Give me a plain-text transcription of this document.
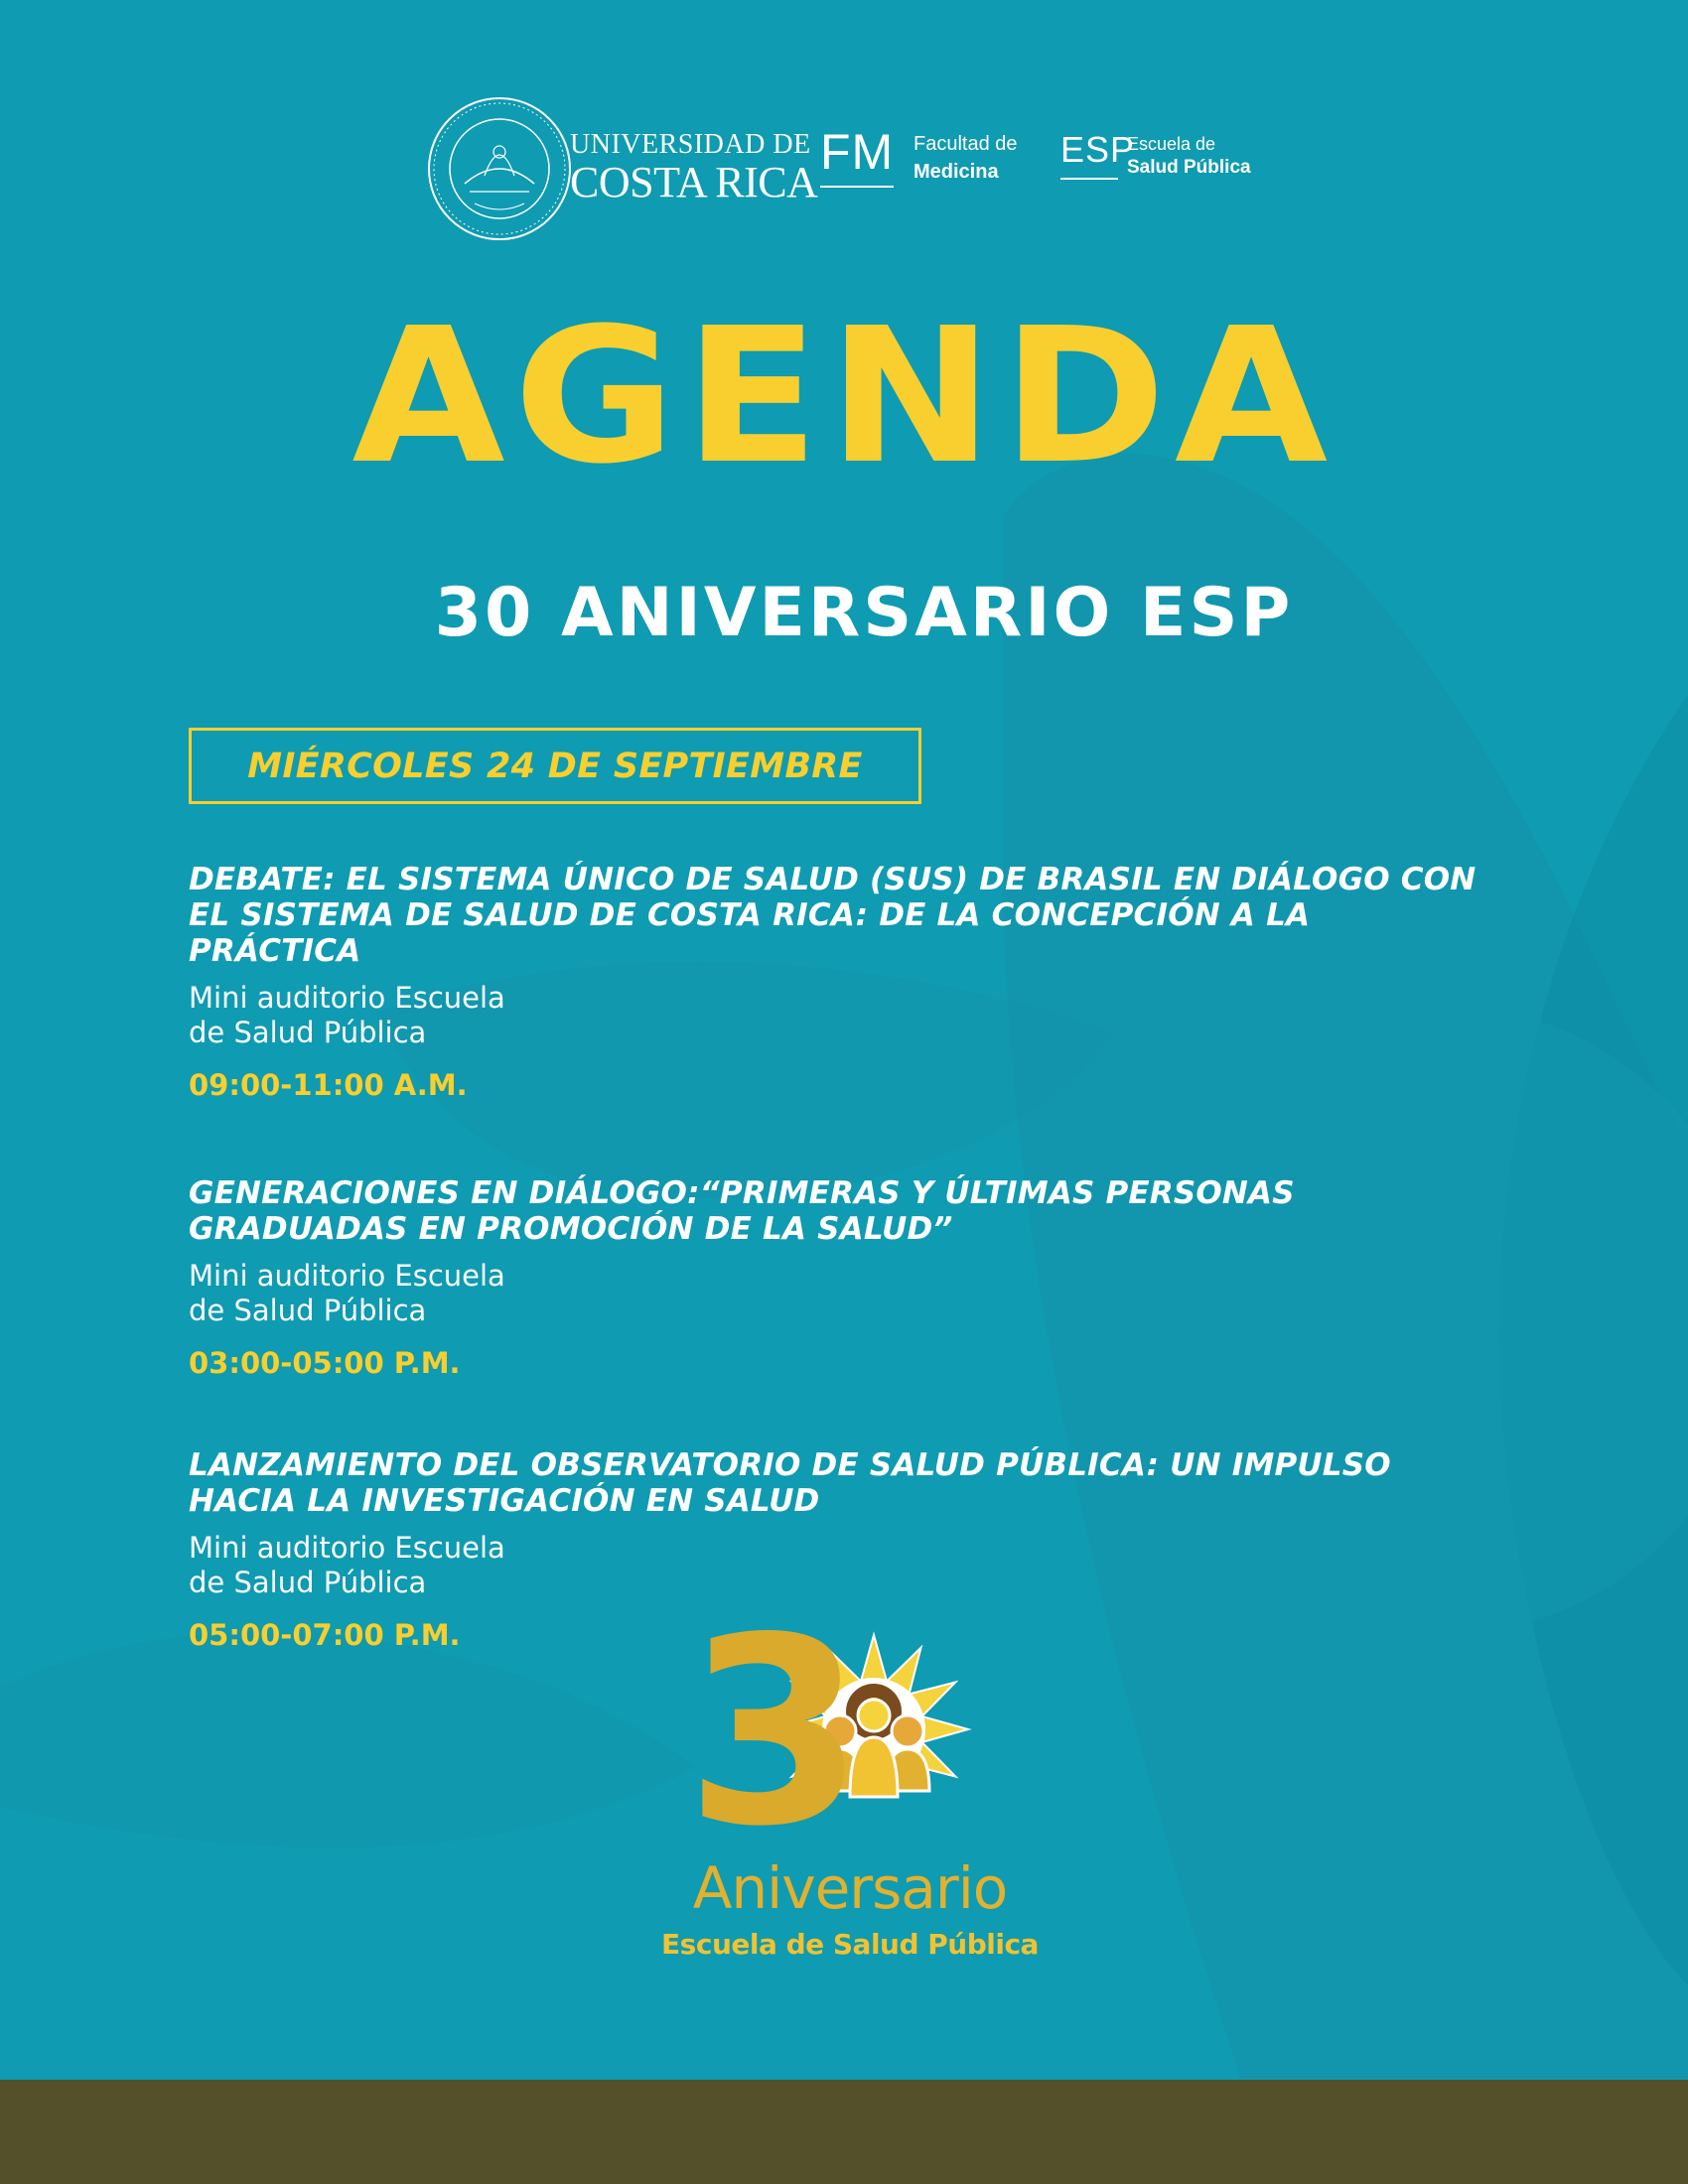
UNIVERSIDAD DE
COSTA RICA
FM Facultad de
Medicina
ESP
Escuela de
Salud Pública
AGENDA
30 ANIVERSARIO ESP
MIÉRCOLES 24 DE SEPTIEMBRE
DEBATE: EL SISTEMA ÚNICO DE SALUD (SUS) DE BRASIL EN DIÁLOGO CON
EL SISTEMA DE SALUD DE COSTA RICA: DE LA CONCEPCIÓN A LA
PRÁCTICA
Mini auditorio Escuela
de Salud Pública
09:00-11:00 A.M.
GENERACIONES EN DIÁLOGO:“PRIMERAS Y ÚLTIMAS PERSONAS
GRADUADAS EN PROMOCIÓN DE LA SALUD”
Mini auditorio Escuela
de Salud Pública
03:00-05:00 P.M.
LANZAMIENTO DEL OBSERVATORIO DE SALUD PÚBLICA: UN IMPULSO
HACIA LA INVESTIGACIÓN EN SALUD
Mini auditorio Escuela
de Salud Pública
05:00-07:00 P.M. 3
Aniversario
Escuela de Salud Pública
